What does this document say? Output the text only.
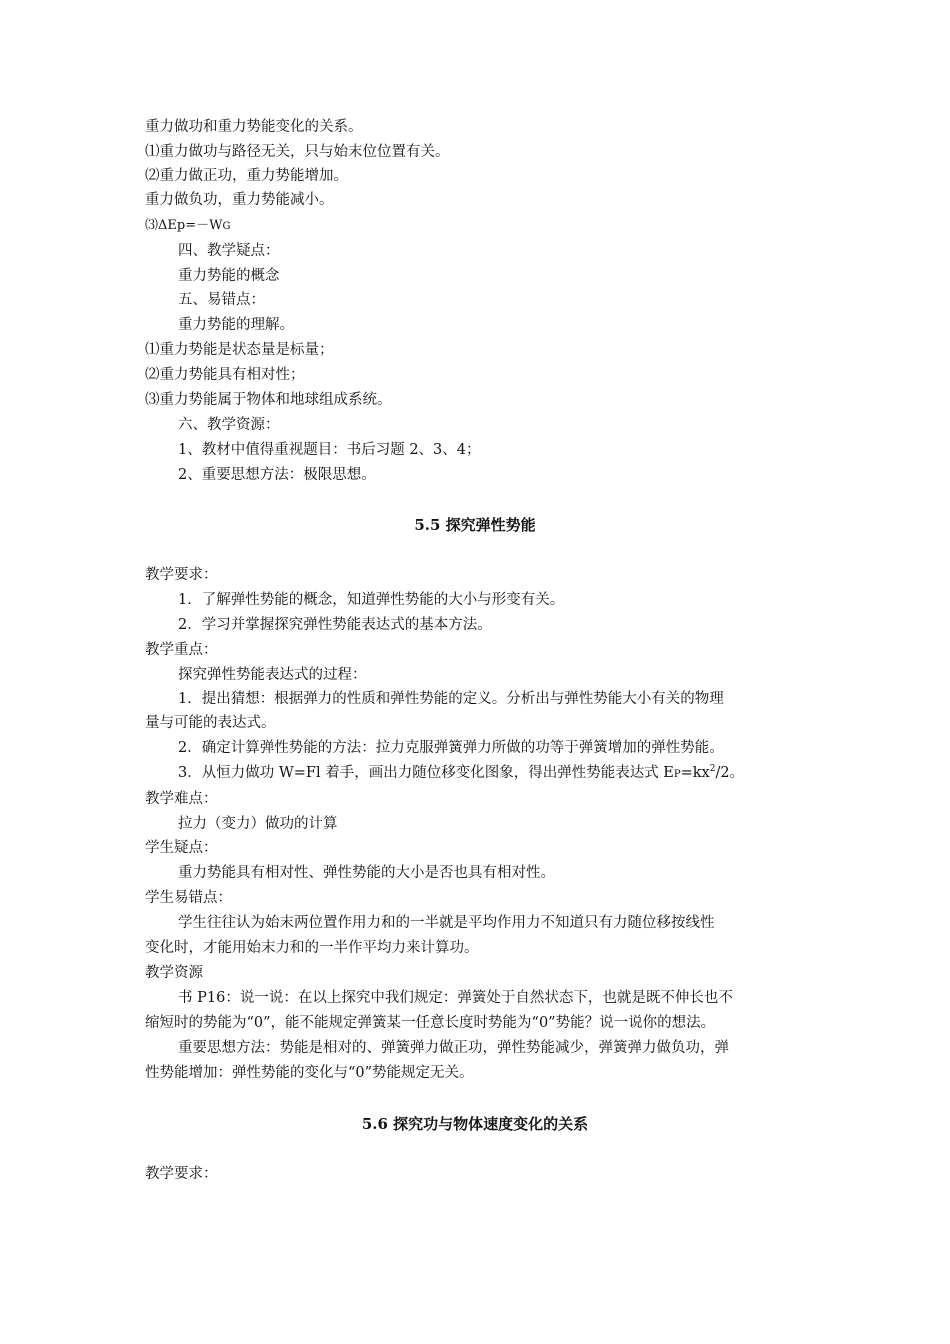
重力做功和重力势能变化的关系。
⑴重力做功与路径无关，只与始末位位置有关。
⑵重力做正功，重力势能增加。
重力做负功，重力势能减小。
⑶ΔEp=－WG
四、教学疑点：
重力势能的概念
五、易错点：
重力势能的理解。
⑴重力势能是状态量是标量；
⑵重力势能具有相对性；
⑶重力势能属于物体和地球组成系统。
六、教学资源：
1、教材中值得重视题目：书后习题 2、3、4；
2、重要思想方法：极限思想。
5.5 探究弹性势能
教学要求：
1．了解弹性势能的概念，知道弹性势能的大小与形变有关。
2．学习并掌握探究弹性势能表达式的基本方法。
教学重点：
探究弹性势能表达式的过程：
1．提出猜想：根据弹力的性质和弹性势能的定义。分析出与弹性势能大小有关的物理
量与可能的表达式。
2．确定计算弹性势能的方法：拉力克服弹簧弹力所做的功等于弹簧增加的弹性势能。
3．从恒力做功 W=Fl 着手，画出力随位移变化图象，得出弹性势能表达式 $EP=kx^2/2$。
教学难点：
拉力（变力）做功的计算
学生疑点：
重力势能具有相对性、弹性势能的大小是否也具有相对性。
学生易错点：
学生往往认为始末两位置作用力和的一半就是平均作用力不知道只有力随位移按线性
变化时，才能用始末力和的一半作平均力来计算功。
教学资源
书 P16：说一说：在以上探究中我们规定：弹簧处于自然状态下，也就是既不伸长也不
缩短时的势能为“0”，能不能规定弹簧某一任意长度时势能为“0”势能？说一说你的想法。
重要思想方法：势能是相对的、弹簧弹力做正功，弹性势能减少，弹簧弹力做负功，弹
性势能增加：弹性势能的变化与“0”势能规定无关。
5.6 探究功与物体速度变化的关系
教学要求：
